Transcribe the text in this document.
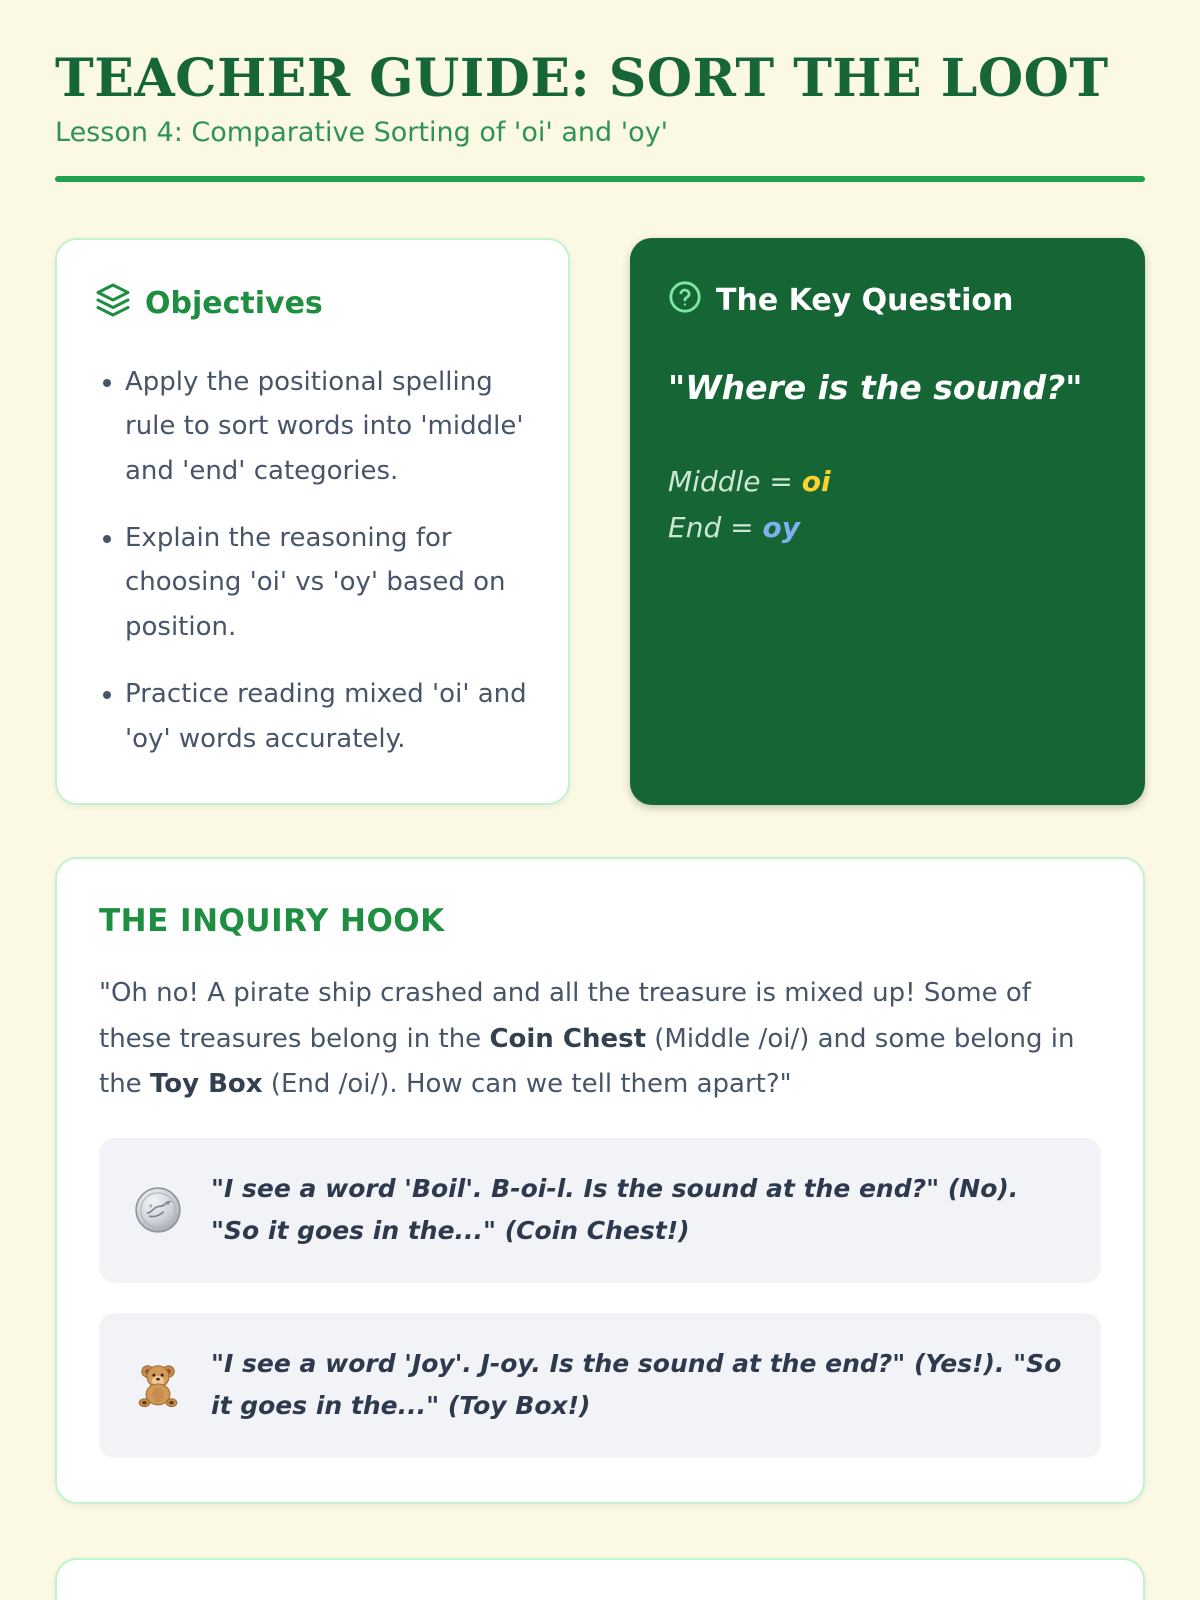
TEACHER GUIDE: SORT THE LOOT
Lesson 4: Comparative Sorting of 'oi' and 'oy'
Objectives
• Apply the positional spelling rule to sort words into 'middle' and 'end' categories.
• Explain the reasoning for choosing 'oi' vs 'oy' based on position.
• Practice reading mixed 'oi' and 'oy' words accurately.
The Key Question
"Where is the sound?"
Middle = oi
End = oy
THE INQUIRY HOOK

"Oh no! A pirate ship crashed and all the treasure is mixed up! Some of these treasures belong in the Coin Chest (Middle /oi/) and some belong in the Toy Box (End /oi/). How can we tell them apart?"

"I see a word 'Boil'. B-oi-l. Is the sound at the end?" (No). "So it goes in the..." (Coin Chest!)
"I see a word 'Joy'. J-oy. Is the sound at the end?" (Yes!). "So it goes in the..." (Toy Box!)
